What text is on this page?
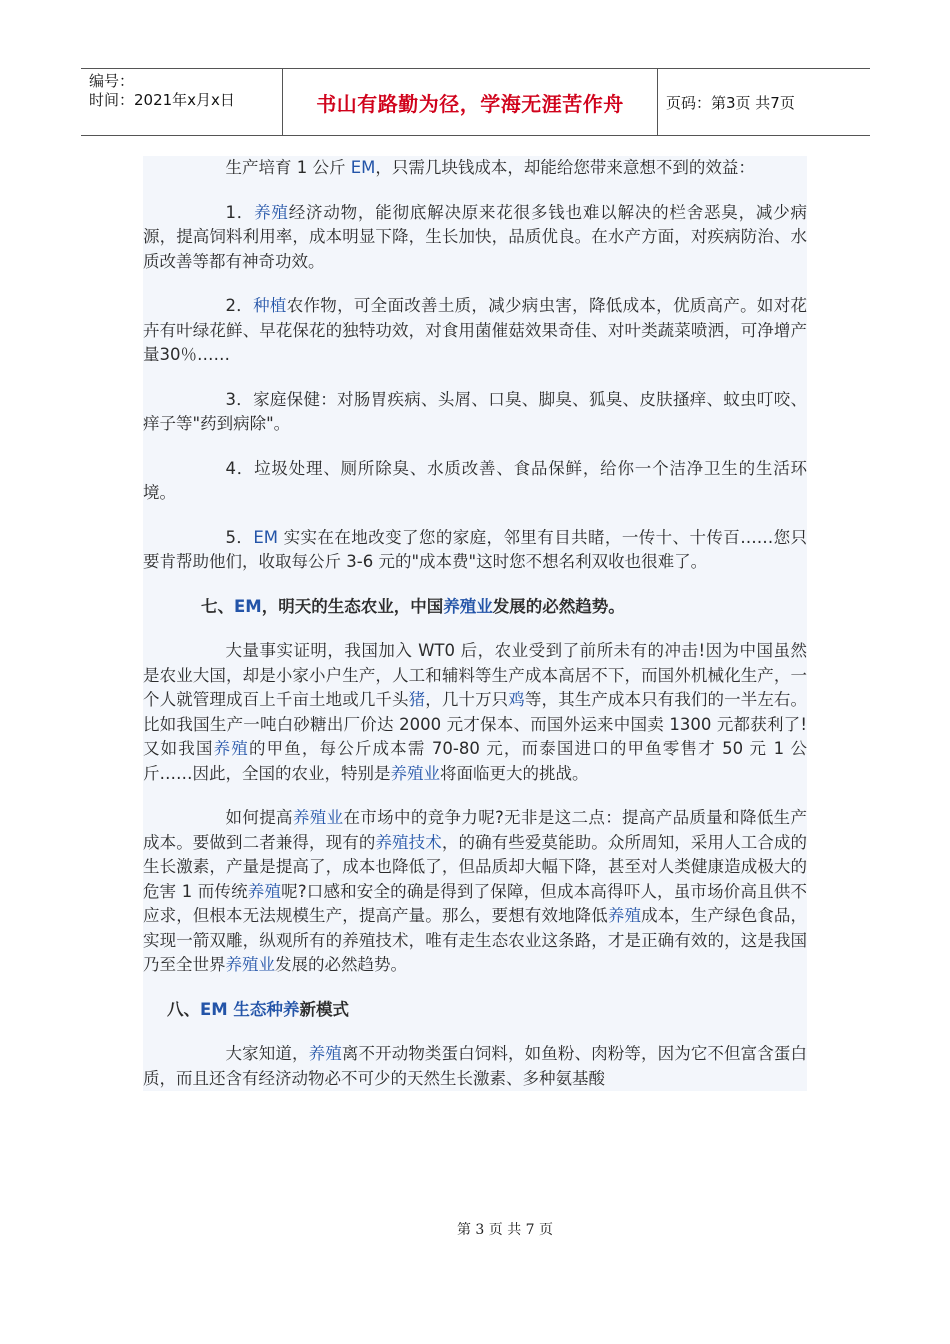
编号：
时间：2021年x月x日	书山有路勤为径，学海无涯苦作舟	页码：第3页 共7页

生产培育 1 公斤 EM，只需几块钱成本，却能给您带来意想不到的效益：

1．养殖经济动物，能彻底解决原来花很多钱也难以解决的栏舍恶臭，减少病源，提高饲料利用率，成本明显下降，生长加快，品质优良。在水产方面，对疾病防治、水质改善等都有神奇功效。

2．种植农作物，可全面改善土质，减少病虫害，降低成本，优质高产。如对花卉有叶绿花鲜、早花保花的独特功效，对食用菌催菇效果奇佳、对叶类蔬菜喷洒，可净增产量30％……

3．家庭保健：对肠胃疾病、头屑、口臭、脚臭、狐臭、皮肤搔痒、蚊虫叮咬、痒子等"药到病除"。

4．垃圾处理、厕所除臭、水质改善、食品保鲜，给你一个洁净卫生的生活环境。

5．EM 实实在在地改变了您的家庭，邻里有目共睹，一传十、十传百……您只要肯帮助他们，收取每公斤 3-6 元的"成本费"这时您不想名利双收也很难了。

七、EM，明天的生态农业，中国养殖业发展的必然趋势。

大量事实证明，我国加入 WT0 后，农业受到了前所未有的冲击!因为中国虽然是农业大国，却是小家小户生产，人工和辅料等生产成本高居不下，而国外机械化生产，一个人就管理成百上千亩土地或几千头猪，几十万只鸡等，其生产成本只有我们的一半左右。比如我国生产一吨白砂糖出厂价达 2000 元才保本、而国外运来中国卖 1300 元都获利了!又如我国养殖的甲鱼，每公斤成本需 70-80 元，而泰国进口的甲鱼零售才 50 元 1 公斤……因此，全国的农业，特别是养殖业将面临更大的挑战。

如何提高养殖业在市场中的竞争力呢?无非是这二点：提高产品质量和降低生产成本。要做到二者兼得，现有的养殖技术，的确有些爱莫能助。众所周知，采用人工合成的生长激素，产量是提高了，成本也降低了，但品质却大幅下降，甚至对人类健康造成极大的危害 1 而传统养殖呢?口感和安全的确是得到了保障，但成本高得吓人，虽市场价高且供不应求，但根本无法规模生产，提高产量。那么，要想有效地降低养殖成本，生产绿色食品，实现一箭双雕，纵观所有的养殖技术，唯有走生态农业这条路，才是正确有效的，这是我国乃至全世界养殖业发展的必然趋势。

八、EM 生态种养新模式

大家知道，养殖离不开动物类蛋白饲料，如鱼粉、肉粉等，因为它不但富含蛋白质，而且还含有经济动物必不可少的天然生长激素、多种氨基酸

第 3 页 共 7 页
